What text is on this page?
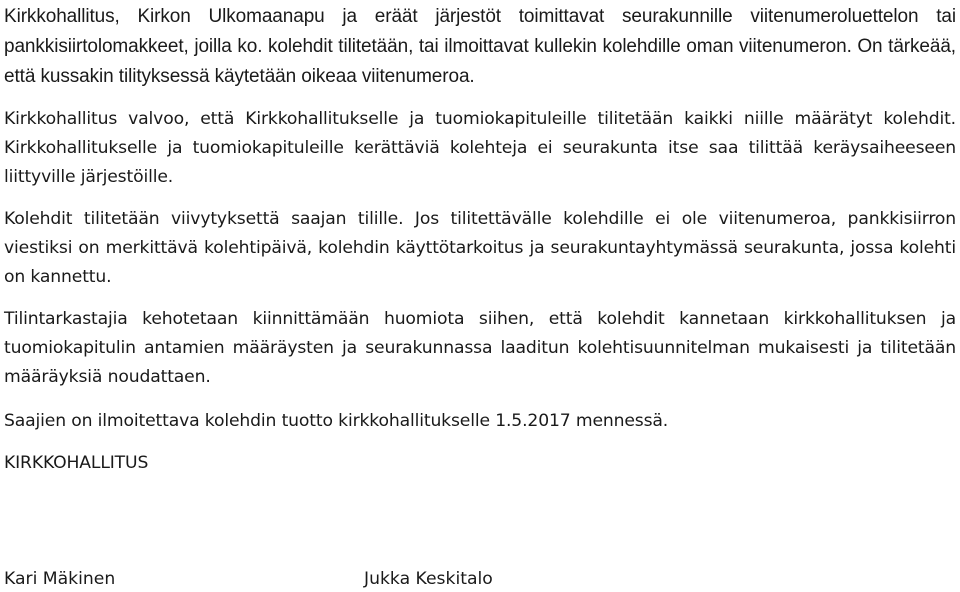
Kirkkohallitus, Kirkon Ulkomaanapu ja eräät järjestöt toimittavat seurakunnille viitenumeroluettelon tai pankkisiirtolomakkeet, joilla ko. kolehdit tilitetään, tai ilmoittavat kullekin kolehdille oman viitenumeron. On tärkeää, että kussakin tilityksessä käytetään oikeaa viitenumeroa.

Kirkkohallitus valvoo, että Kirkkohallitukselle ja tuomiokapituleille tilitetään kaikki niille määrätyt kolehdit. Kirkkohallitukselle ja tuomiokapituleille kerättäviä kolehteja ei seurakunta itse saa tilittää keräysaiheeseen liittyville järjestöille.

Kolehdit tilitetään viivytyksettä saajan tilille. Jos tilitettävälle kolehdille ei ole viitenumeroa, pankkisiirron viestiksi on merkittävä kolehtipäivä, kolehdin käyttötarkoitus ja seurakuntayhtymässä seurakunta, jossa kolehti on kannettu.

Tilintarkastajia kehotetaan kiinnittämään huomiota siihen, että kolehdit kannetaan kirkkohallituksen ja tuomiokapitulin antamien määräysten ja seurakunnassa laaditun kolehtisuunnitelman mukaisesti ja tilitetään määräyksiä noudattaen.

Saajien on ilmoitettava kolehdin tuotto kirkkohallitukselle 1.5.2017 mennessä.

KIRKKOHALLITUS

Kari Mäkinen	Jukka Keskitalo
